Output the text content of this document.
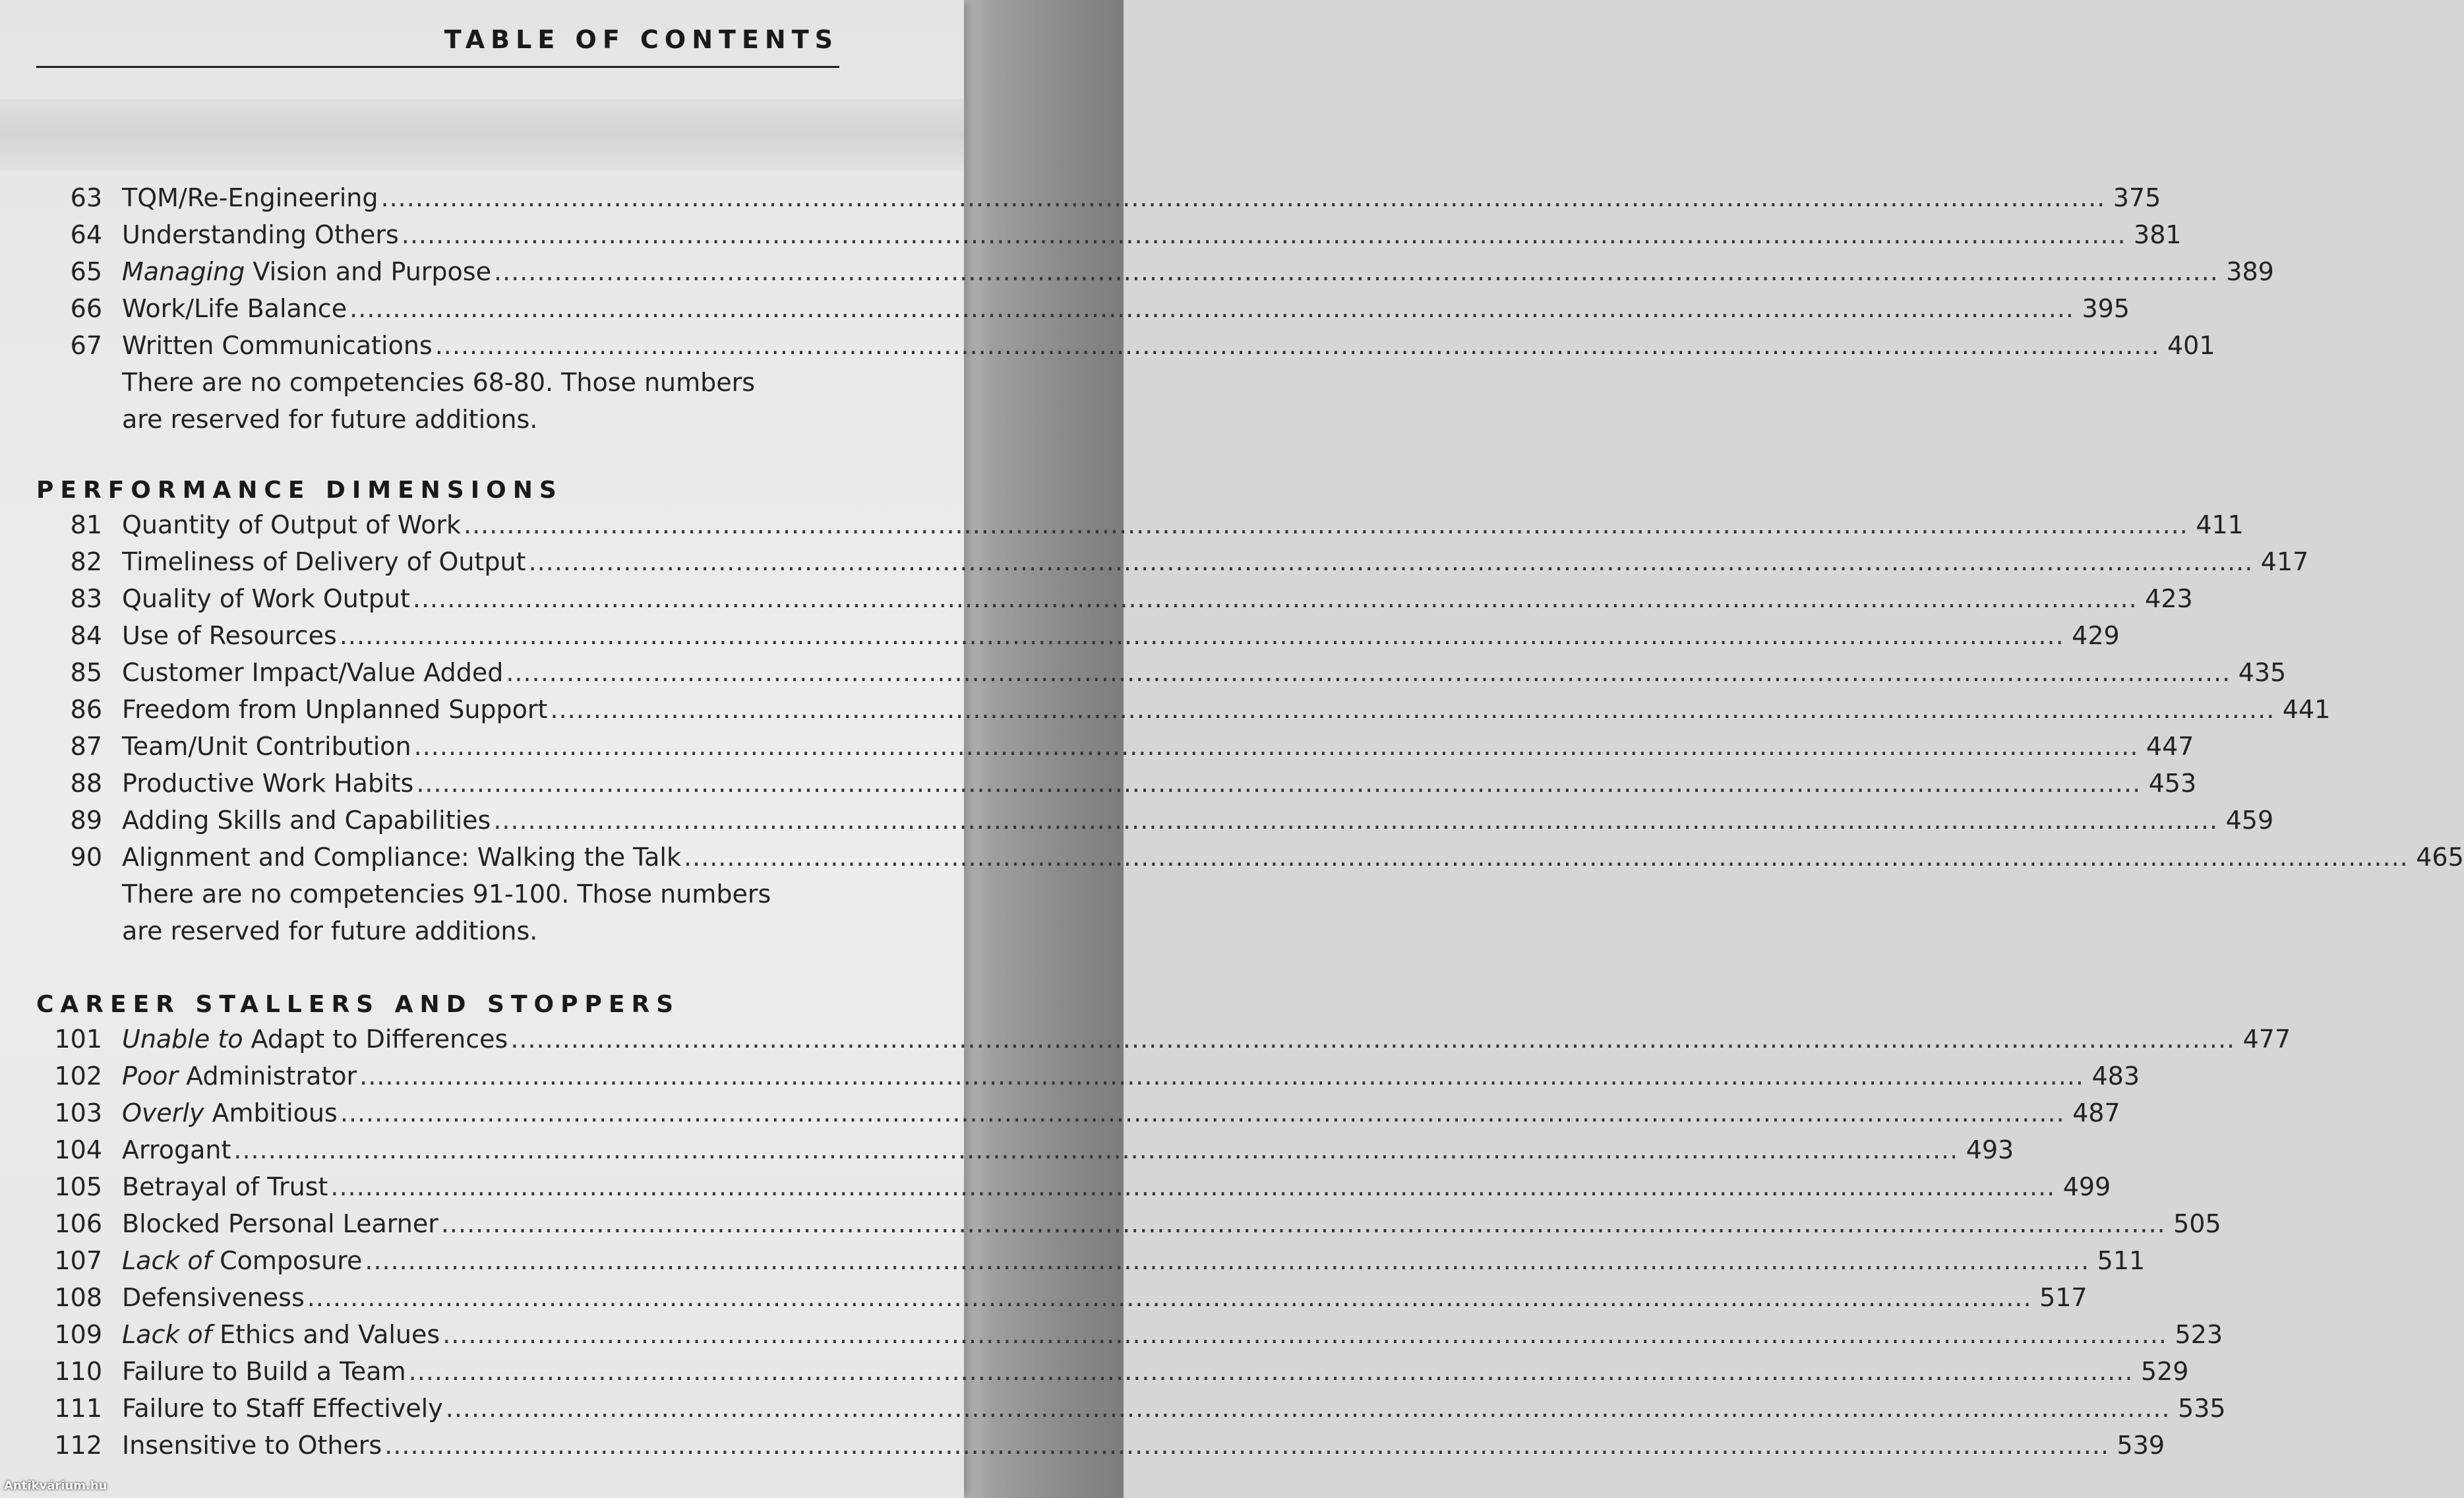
TABLE OF CONTENTS
63 TQM/Re-Engineering ........................................................................................................................................................................................................ 375
64 Understanding Others ........................................................................................................................................................................................................ 381
65 Managing Vision and Purpose ........................................................................................................................................................................................................ 389
66 Work/Life Balance ........................................................................................................................................................................................................ 395
67 Written Communications ........................................................................................................................................................................................................ 401
There are no competencies 68-80. Those numbers are reserved for future additions.
PERFORMANCE DIMENSIONS
81 Quantity of Output of Work ........................................................................................................................................................................................................ 411
82 Timeliness of Delivery of Output ........................................................................................................................................................................................................ 417
83 Quality of Work Output ........................................................................................................................................................................................................ 423
84 Use of Resources ........................................................................................................................................................................................................ 429
85 Customer Impact/Value Added ........................................................................................................................................................................................................ 435
86 Freedom from Unplanned Support ........................................................................................................................................................................................................ 441
87 Team/Unit Contribution ........................................................................................................................................................................................................ 447
88 Productive Work Habits ........................................................................................................................................................................................................ 453
89 Adding Skills and Capabilities ........................................................................................................................................................................................................ 459
90 Alignment and Compliance: Walking the Talk ........................................................................................................................................................................................................ 465
There are no competencies 91-100. Those numbers are reserved for future additions.
CAREER STALLERS AND STOPPERS
101 Unable to Adapt to Differences ........................................................................................................................................................................................................ 477
102 Poor Administrator ........................................................................................................................................................................................................ 483
103 Overly Ambitious ........................................................................................................................................................................................................ 487
104 Arrogant ........................................................................................................................................................................................................ 493
105 Betrayal of Trust ........................................................................................................................................................................................................ 499
106 Blocked Personal Learner ........................................................................................................................................................................................................ 505
107 Lack of Composure ........................................................................................................................................................................................................ 511
108 Defensiveness ........................................................................................................................................................................................................ 517
109 Lack of Ethics and Values ........................................................................................................................................................................................................ 523
110 Failure to Build a Team ........................................................................................................................................................................................................ 529
111 Failure to Staff Effectively ........................................................................................................................................................................................................ 535
112 Insensitive to Others ........................................................................................................................................................................................................ 539
Antikvárium.hu
